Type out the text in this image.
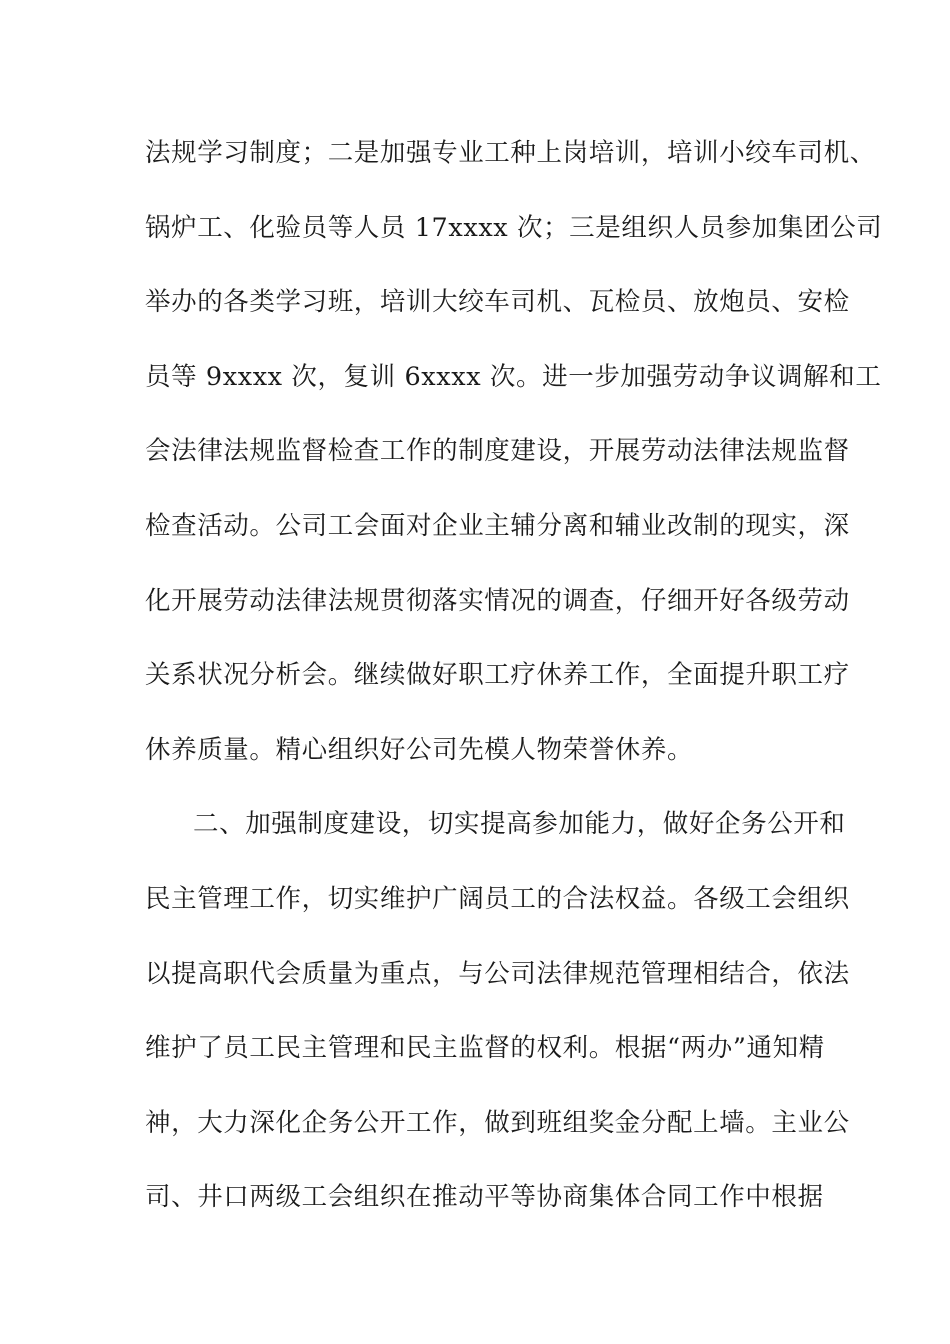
法规学习制度；二是加强专业工种上岗培训，培训小绞车司机、
锅炉工、化验员等人员 17xxxx 次；三是组织人员参加集团公司
举办的各类学习班，培训大绞车司机、瓦检员、放炮员、安检
员等 9xxxx 次，复训 6xxxx 次。进一步加强劳动争议调解和工
会法律法规监督检查工作的制度建设，开展劳动法律法规监督
检查活动。公司工会面对企业主辅分离和辅业改制的现实，深
化开展劳动法律法规贯彻落实情况的调查，仔细开好各级劳动
关系状况分析会。继续做好职工疗休养工作，全面提升职工疗
休养质量。精心组织好公司先模人物荣誉休养。
二、加强制度建设，切实提高参加能力，做好企务公开和
民主管理工作，切实维护广阔员工的合法权益。各级工会组织
以提高职代会质量为重点，与公司法律规范管理相结合，依法
维护了员工民主管理和民主监督的权利。根据“两办”通知精
神，大力深化企务公开工作，做到班组奖金分配上墙。主业公
司、井口两级工会组织在推动平等协商集体合同工作中根据
